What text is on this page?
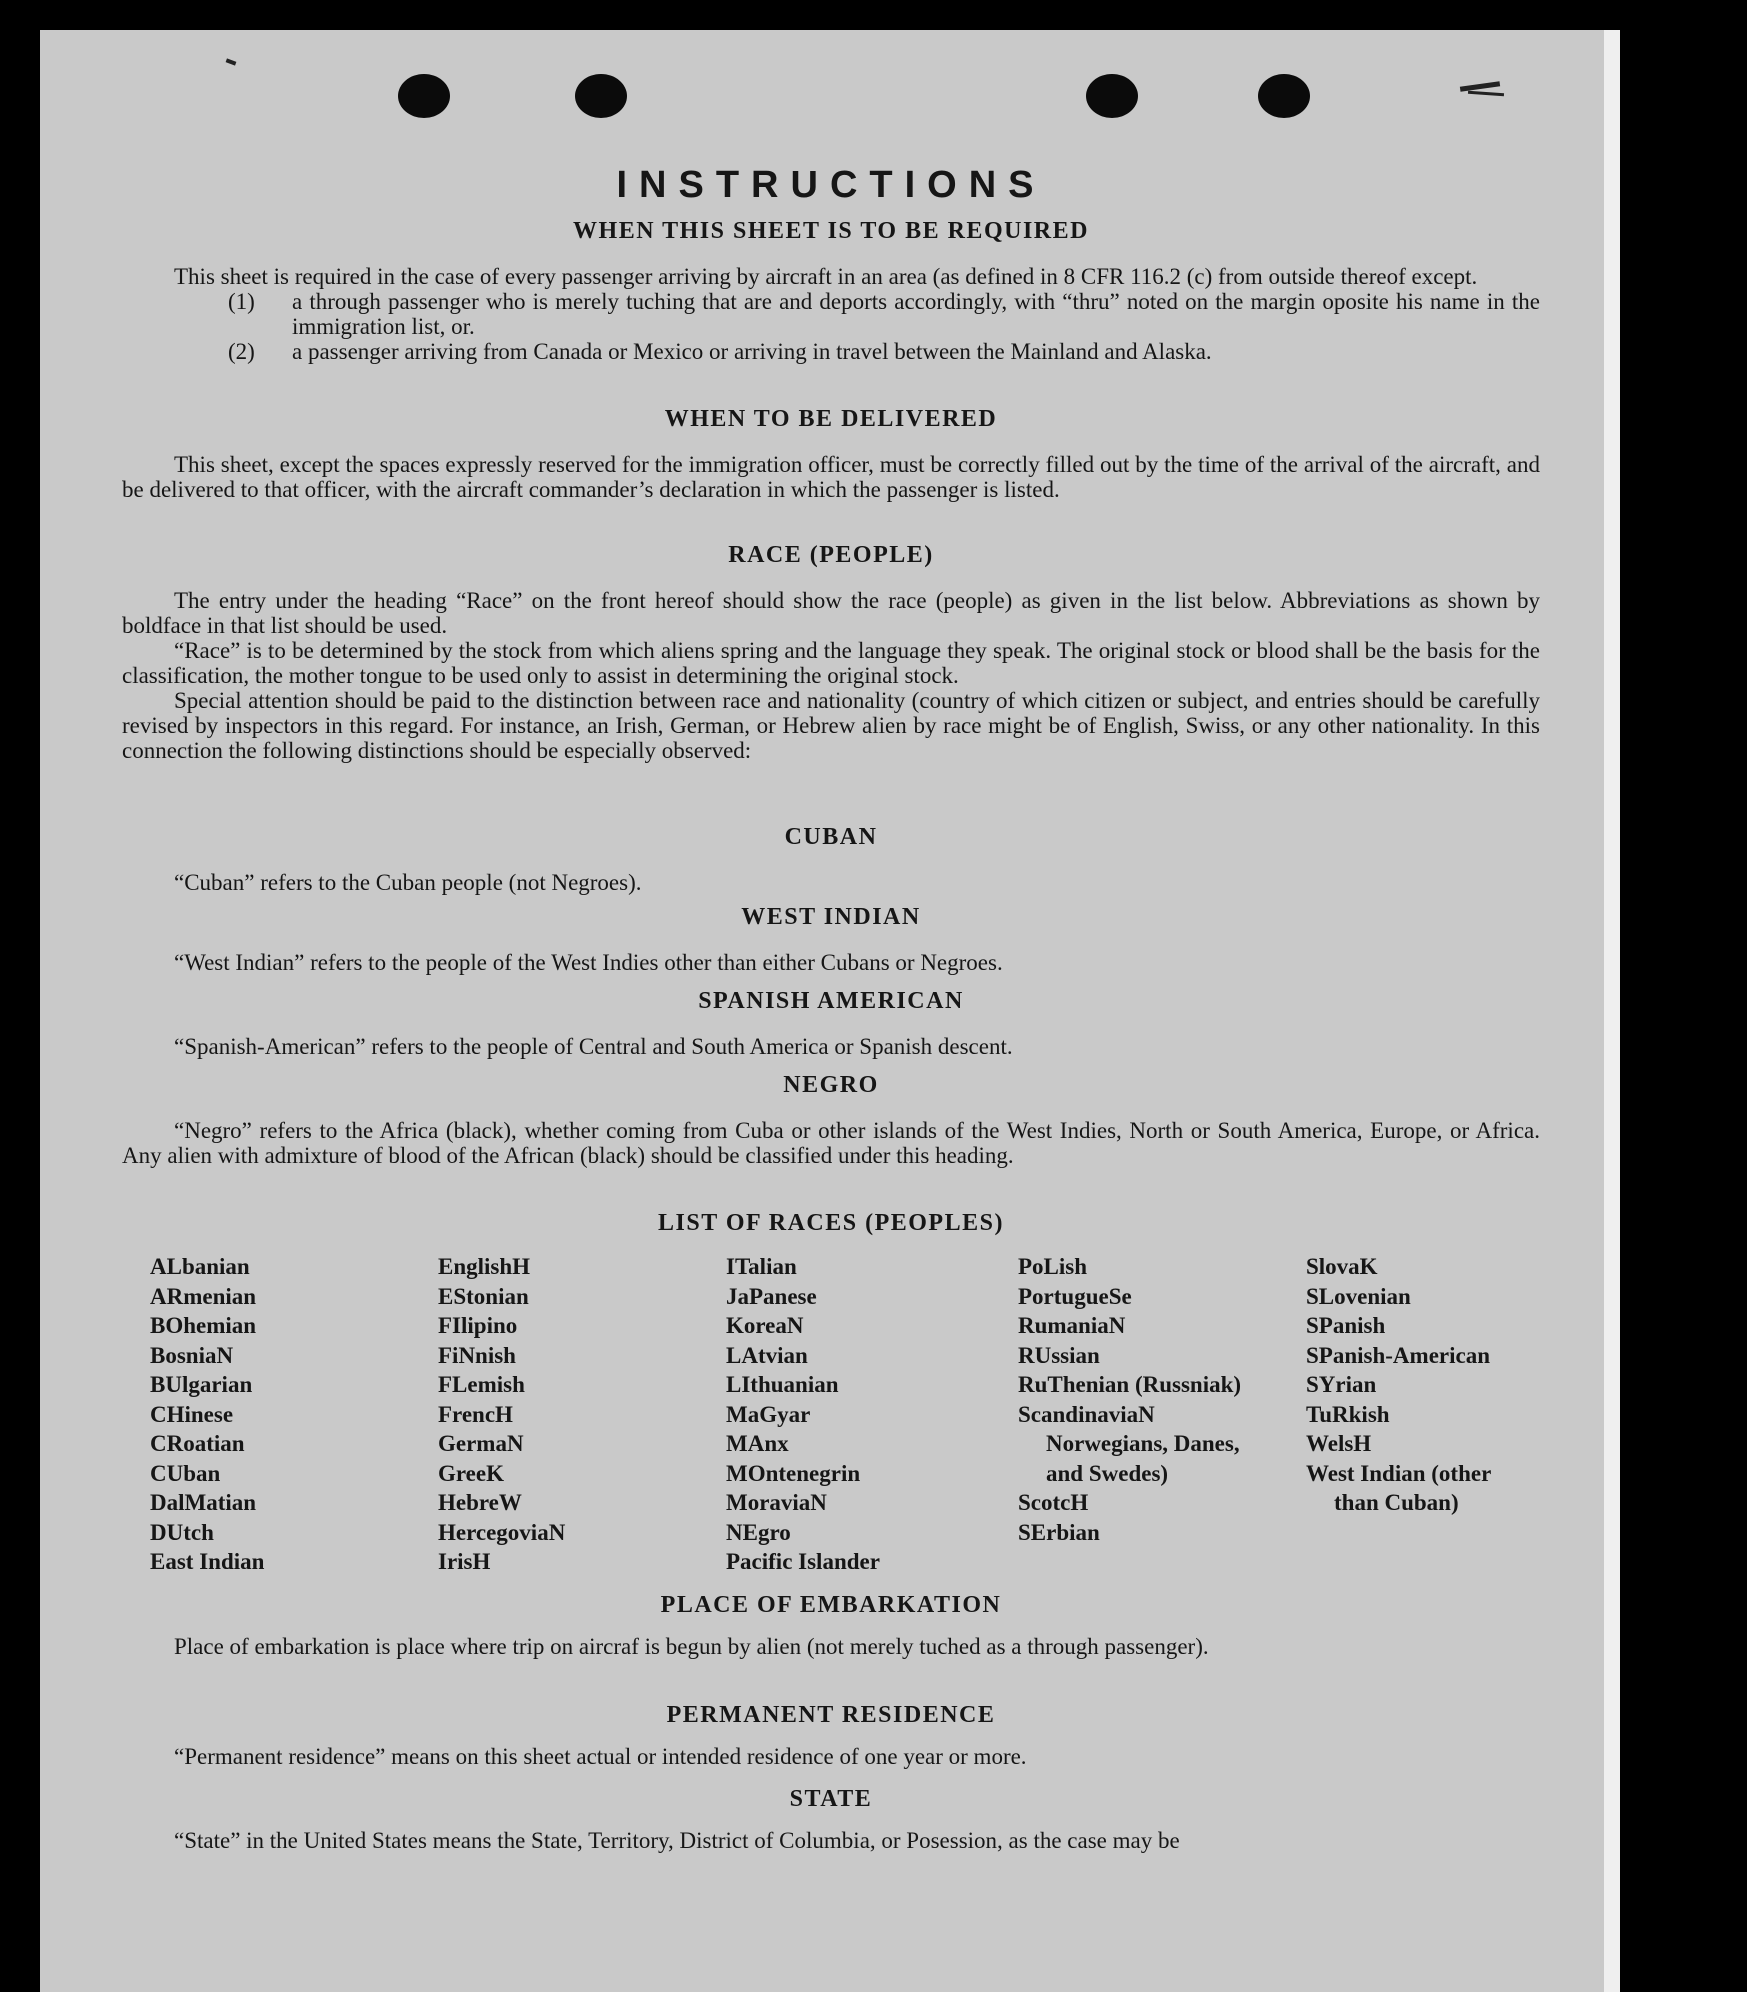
INSTRUCTIONS
WHEN THIS SHEET IS TO BE REQUIRED

This sheet is required in the case of every passenger arriving by aircraft in an area (as defined in 8 CFR 116.2 (c) from outside thereof except.

(1) a through passenger who is merely tuching that are and deports accordingly, with “thru” noted on the margin oposite his name in the immigration list, or.

(2) a passenger arriving from Canada or Mexico or arriving in travel between the Mainland and Alaska.

WHEN TO BE DELIVERED

This sheet, except the spaces expressly reserved for the immigration officer, must be correctly filled out by the time of the arrival of the aircraft, and be delivered to that officer, with the aircraft commander’s declaration in which the passenger is listed.

RACE (PEOPLE)

The entry under the heading “Race” on the front hereof should show the race (people) as given in the list below. Abbreviations as shown by boldface in that list should be used.

“Race” is to be determined by the stock from which aliens spring and the language they speak. The original stock or blood shall be the basis for the classification, the mother tongue to be used only to assist in determining the original stock.

Special attention should be paid to the distinction between race and nationality (country of which citizen or subject, and entries should be carefully revised by inspectors in this regard. For instance, an Irish, German, or Hebrew alien by race might be of English, Swiss, or any other nationality. In this connection the following distinctions should be especially observed:

CUBAN

“Cuban” refers to the Cuban people (not Negroes).

WEST INDIAN

“West Indian” refers to the people of the West Indies other than either Cubans or Negroes.

SPANISH AMERICAN

“Spanish-American” refers to the people of Central and South America or Spanish descent.

NEGRO

“Negro” refers to the Africa (black), whether coming from Cuba or other islands of the West Indies, North or South America, Europe, or Africa. Any alien with admixture of blood of the African (black) should be classified under this heading.

LIST OF RACES (PEOPLES)
ALbanian
ARmenian
BOhemian
BosniaN
BUlgarian
CHinese
CRoatian
CUban
DalMatian
DUtch
East Indian
EnglishH
EStonian
FIlipino
FiNnish
FLemish
FrencH
GermaN
GreeK
HebreW
HercegoviaN
IrisH
ITalian
JaPanese
KoreaN
LAtvian
LIthuanian
MaGyar
MAnx
MOntenegrin
MoraviaN
NEgro
Pacific Islander
PoLish
PortugueSe
RumaniaN
RUssian
RuThenian (Russniak)
ScandinaviaN Norwegians, Danes, and Swedes)
ScotcH
SErbian
SlovaK
SLovenian
SPanish
SPanish-American
SYrian
TuRkish
WelsH
West Indian (other than Cuban)
PLACE OF EMBARKATION

Place of embarkation is place where trip on aircraf is begun by alien (not merely tuched as a through passenger).

PERMANENT RESIDENCE

“Permanent residence” means on this sheet actual or intended residence of one year or more.

STATE

“State” in the United States means the State, Territory, District of Columbia, or Posession, as the case may be
